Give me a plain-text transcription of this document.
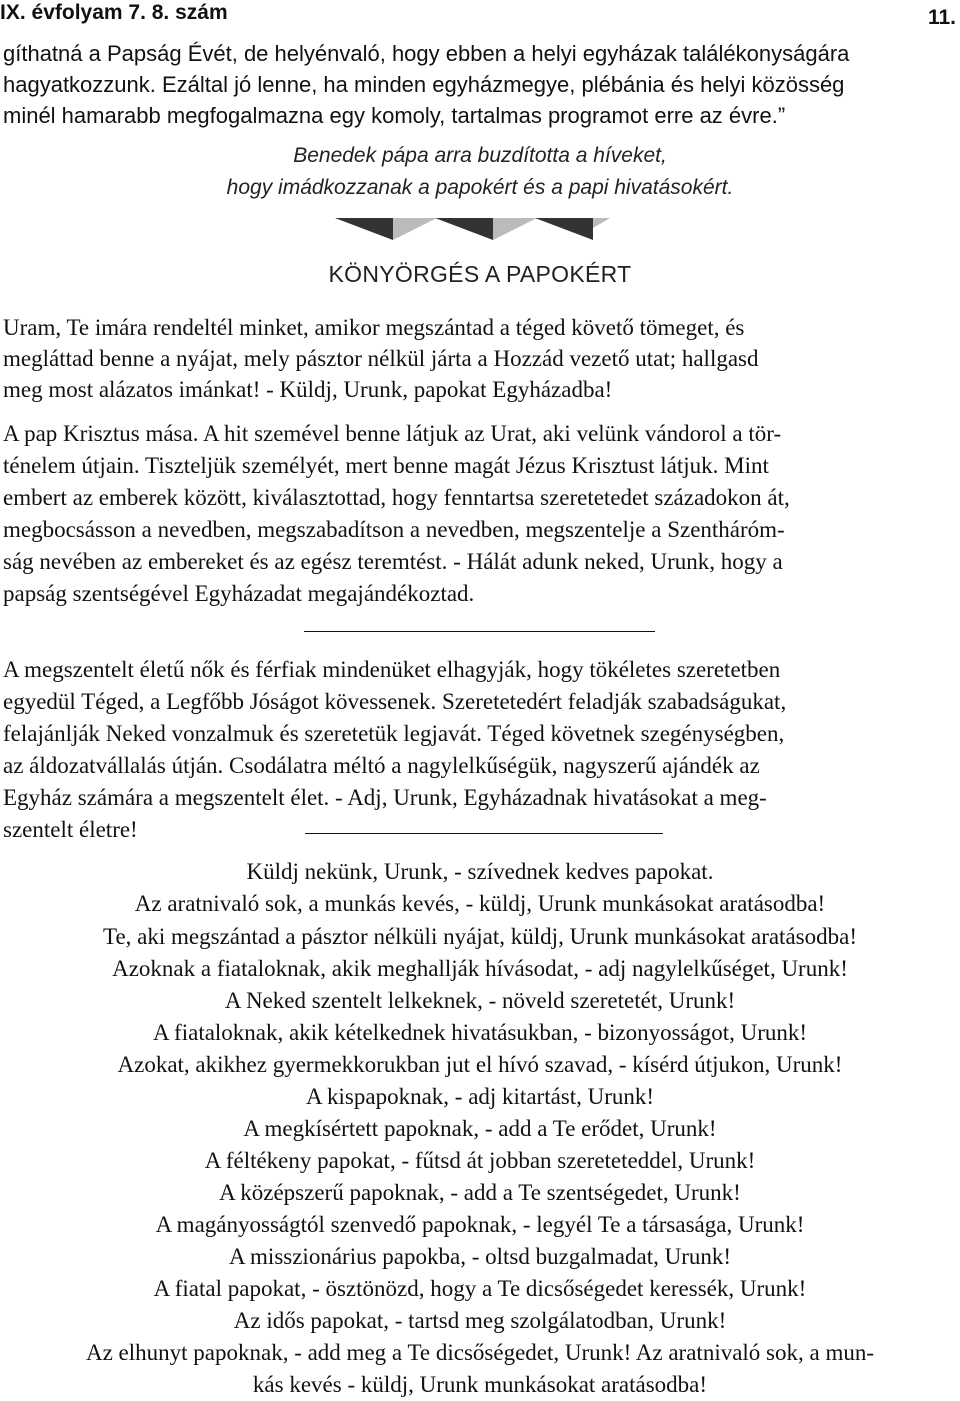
IX. évfolyam 7. 8. szám	11.
gíthatná a Papság Évét, de helyénvaló, hogy ebben a helyi egyházak találékonyságára
hagyatkozzunk. Ezáltal jó lenne, ha minden egyházmegye, plébánia és helyi közösség
minél hamarabb megfogalmazna egy komoly, tartalmas programot erre az évre.”
Benedek pápa arra buzdította a híveket,
hogy imádkozzanak a papokért és a papi hivatásokért.
KÖNYÖRGÉS A PAPOKÉRT
Uram, Te imára rendeltél minket, amikor megszántad a téged követő tömeget, és
megláttad benne a nyájat, mely pásztor nélkül járta a Hozzád vezető utat; hallgasd
meg most alázatos imánkat! - Küldj, Urunk, papokat Egyházadba!
A pap Krisztus mása. A hit szemével benne látjuk az Urat, aki velünk vándorol a tör-
ténelem útjain. Tiszteljük személyét, mert benne magát Jézus Krisztust látjuk. Mint
embert az emberek között, kiválasztottad, hogy fenntartsa szeretetedet századokon át,
megbocsásson a nevedben, megszabadítson a nevedben, megszentelje a Szentháróm-
ság nevében az embereket és az egész teremtést. - Hálát adunk neked, Urunk, hogy a
papság szentségével Egyházadat megajándékoztad.
A megszentelt életű nők és férfiak mindenüket elhagyják, hogy tökéletes szeretetben
egyedül Téged, a Legfőbb Jóságot kövessenek. Szeretetedért feladják szabadságukat,
felajánlják Neked vonzalmuk és szeretetük legjavát. Téged követnek szegénységben,
az áldozatvállalás útján. Csodálatra méltó a nagylelkűségük, nagyszerű ajándék az
Egyház számára a megszentelt élet. - Adj, Urunk, Egyházadnak hivatásokat a meg-
szentelt életre!
Küldj nekünk, Urunk, - szívednek kedves papokat.
Az aratnivaló sok, a munkás kevés, - küldj, Urunk munkásokat aratásodba!
Te, aki megszántad a pásztor nélküli nyájat, küldj, Urunk munkásokat aratásodba!
Azoknak a fiataloknak, akik meghallják hívásodat, - adj nagylelkűséget, Urunk!
A Neked szentelt lelkeknek, - növeld szeretetét, Urunk!
A fiataloknak, akik kételkednek hivatásukban, - bizonyosságot, Urunk!
Azokat, akikhez gyermekkorukban jut el hívó szavad, - kísérd útjukon, Urunk!
A kispapoknak, - adj kitartást, Urunk!
A megkísértett papoknak, - add a Te erődet, Urunk!
A féltékeny papokat, - fűtsd át jobban szereteteddel, Urunk!
A középszerű papoknak, - add a Te szentségedet, Urunk!
A magányosságtól szenvedő papoknak, - legyél Te a társasága, Urunk!
A misszionárius papokba, - oltsd buzgalmadat, Urunk!
A fiatal papokat, - ösztönözd, hogy a Te dicsőségedet keressék, Urunk!
Az idős papokat, - tartsd meg szolgálatodban, Urunk!
Az elhunyt papoknak, - add meg a Te dicsőségedet, Urunk! Az aratnivaló sok, a mun-
kás kevés - küldj, Urunk munkásokat aratásodba!
